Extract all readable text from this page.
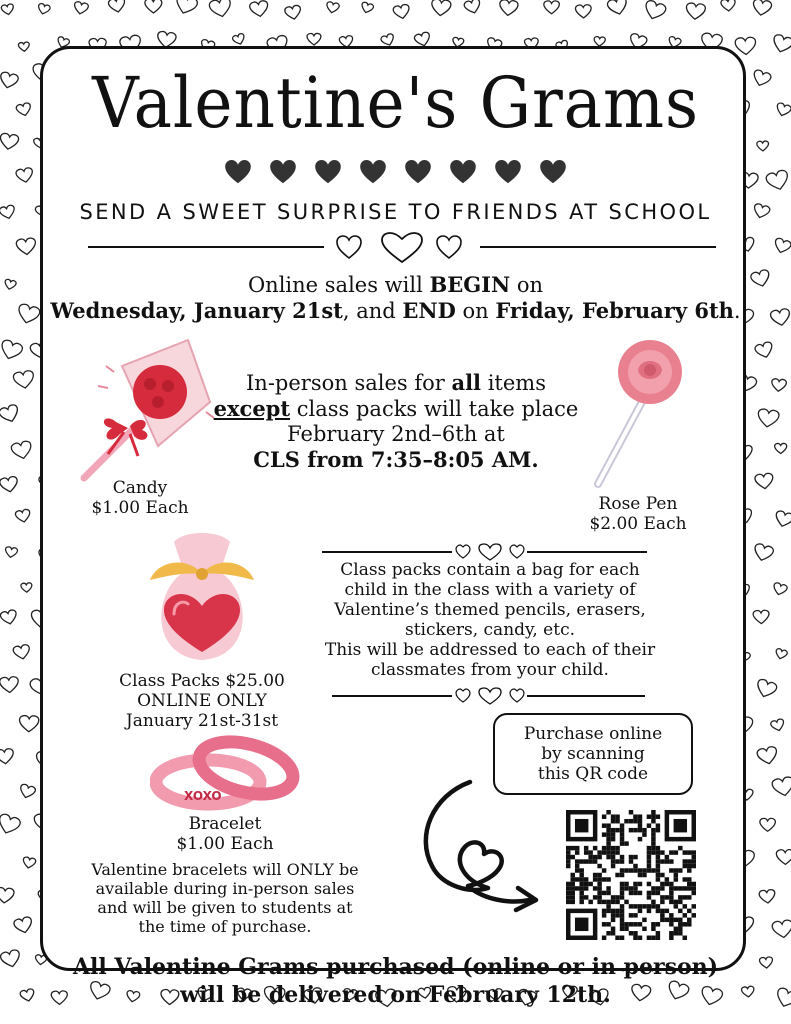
Valentine's Grams

SEND A SWEET SURPRISE TO FRIENDS AT SCHOOL
Online sales will BEGIN on
Wednesday, January 21st, and END on Friday, February 6th.
Candy
$1.00 Each
In-person sales for all items
except class packs will take place
February 2nd–6th at
CLS from 7:35–8:05 AM.
Rose Pen
$2.00 Each
Class packs contain a bag for each
child in the class with a variety of
Valentine’s themed pencils, erasers,
stickers, candy, etc.
This will be addressed to each of their
classmates from your child.
Class Packs $25.00
ONLINE ONLY
January 21st-31st
XOXO
Bracelet
$1.00 Each
Valentine bracelets will ONLY be
available during in-person sales
and will be given to students at
the time of purchase.
Purchase online
by scanning
this QR code
All Valentine Grams purchased (online or in person)
will be delivered on February 12th.
